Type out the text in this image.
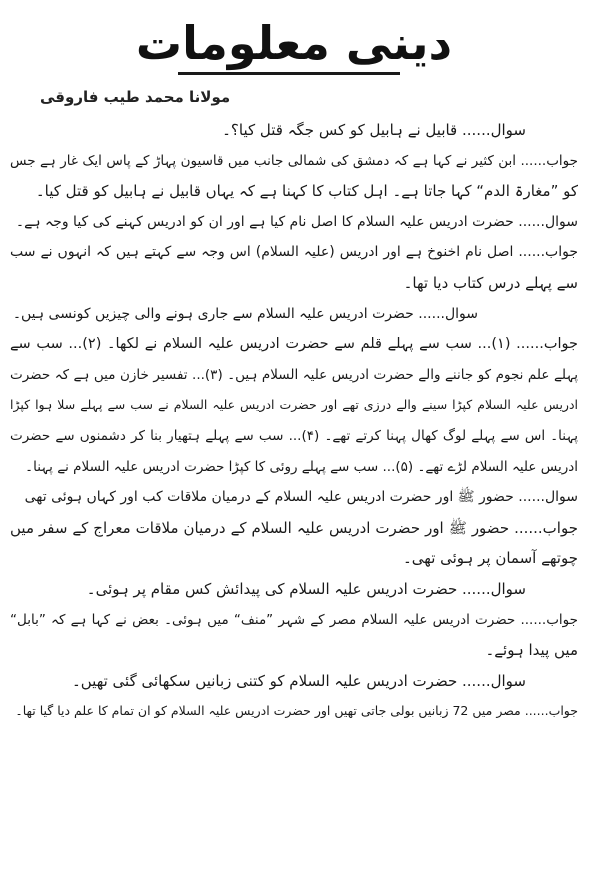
دینی معلومات
مولانا محمد طیب فاروقی
سوال...... قابیل نے ہابیل کو کس جگہ قتل کیا؟۔
جواب...... ابن کثیر نے کہا ہے کہ دمشق کی شمالی جانب میں قاسیون پہاڑ کے پاس ایک غار ہے جس
کو ”مغارۃ الدم“ کہا جاتا ہے۔ اہل کتاب کا کہنا ہے کہ یہاں قابیل نے ہابیل کو قتل کیا۔
سوال...... حضرت ادریس علیہ السلام کا اصل نام کیا ہے اور ان کو ادریس کہنے کی کیا وجہ ہے۔
جواب...... اصل نام اخنوخ ہے اور ادریس (علیہ السلام) اس وجہ سے کہتے ہیں کہ انہوں نے سب
سے پہلے درس کتاب دیا تھا۔
سوال...... حضرت ادریس علیہ السلام سے جاری ہونے والی چیزیں کونسی ہیں۔
جواب...... (۱)... سب سے پہلے قلم سے حضرت ادریس علیہ السلام نے لکھا۔ (۲)... سب سے
پہلے علم نجوم کو جاننے والے حضرت ادریس علیہ السلام ہیں۔ (۳)... تفسیر خازن میں ہے کہ حضرت
ادریس علیہ السلام کپڑا سینے والے درزی تھے اور حضرت ادریس علیہ السلام نے سب سے پہلے سلا ہوا کپڑا
پہنا۔ اس سے پہلے لوگ کھال پہنا کرتے تھے۔ (۴)... سب سے پہلے ہتھیار بنا کر دشمنوں سے حضرت
ادریس علیہ السلام لڑے تھے۔ (۵)... سب سے پہلے روئی کا کپڑا حضرت ادریس علیہ السلام نے پہنا۔
سوال...... حضور ﷺ اور حضرت ادریس علیہ السلام کے درمیان ملاقات کب اور کہاں ہوئی تھی
جواب...... حضور ﷺ اور حضرت ادریس علیہ السلام کے درمیان ملاقات معراج کے سفر میں
چوتھے آسمان پر ہوئی تھی۔
سوال...... حضرت ادریس علیہ السلام کی پیدائش کس مقام پر ہوئی۔
جواب...... حضرت ادریس علیہ السلام مصر کے شہر ”منف“ میں ہوئی۔ بعض نے کہا ہے کہ ”بابل“
میں پیدا ہوئے۔
سوال...... حضرت ادریس علیہ السلام کو کتنی زبانیں سکھائی گئی تھیں۔
جواب...... مصر میں 72 زبانیں بولی جاتی تھیں اور حضرت ادریس علیہ السلام کو ان تمام کا علم دیا گیا تھا۔
